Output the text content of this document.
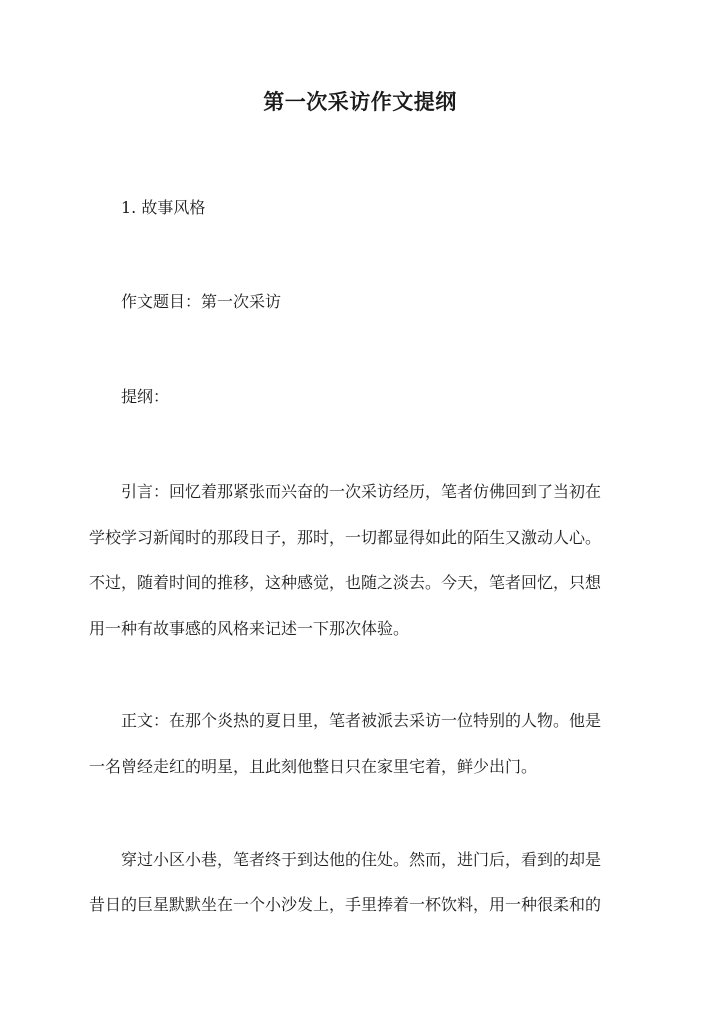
第一次采访作文提纲

1. 故事风格

作文题目：第一次采访

提纲：

引言：回忆着那紧张而兴奋的一次采访经历，笔者仿佛回到了当初在

学校学习新闻时的那段日子，那时，一切都显得如此的陌生又激动人心。

不过，随着时间的推移，这种感觉，也随之淡去。今天，笔者回忆，只想

用一种有故事感的风格来记述一下那次体验。

正文：在那个炎热的夏日里，笔者被派去采访一位特别的人物。他是

一名曾经走红的明星，且此刻他整日只在家里宅着，鲜少出门。

穿过小区小巷，笔者终于到达他的住处。然而，进门后，看到的却是

昔日的巨星默默坐在一个小沙发上，手里捧着一杯饮料，用一种很柔和的
